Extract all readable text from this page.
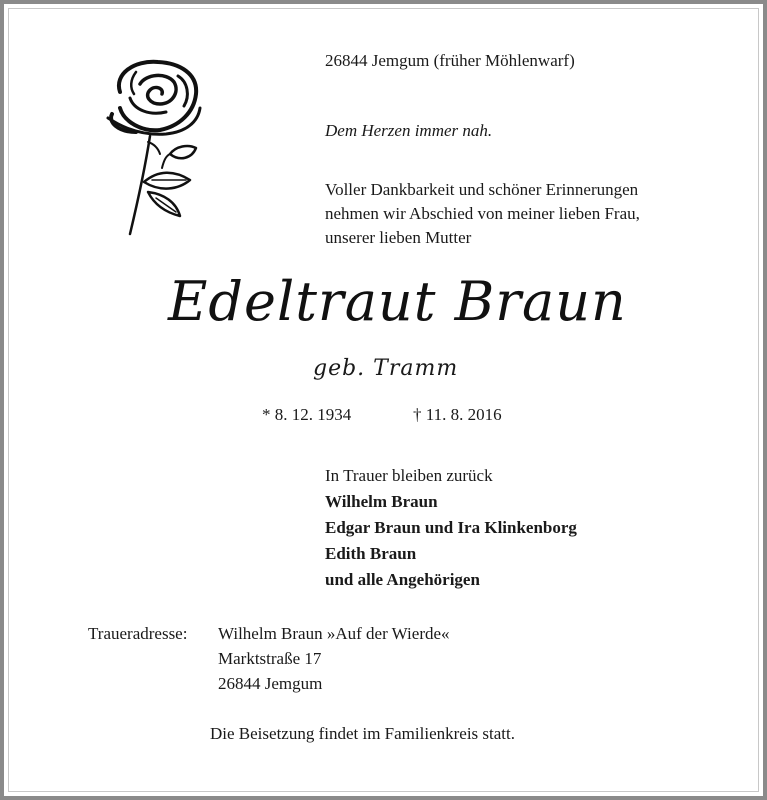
26844 Jemgum (früher Möhlenwarf)
Dem Herzen immer nah.
Voller Dankbarkeit und schöner Erinnerungen
nehmen wir Abschied von meiner lieben Frau,
unserer lieben Mutter
Edeltraut Braun
geb. Tramm
* 8. 12. 1934	† 11. 8. 2016
In Trauer bleiben zurück
Wilhelm Braun
Edgar Braun und Ira Klinkenborg
Edith Braun
und alle Angehörigen
Traueradresse: Wilhelm Braun »Auf der Wierde«
Marktstraße 17
26844 Jemgum
Die Beisetzung findet im Familienkreis statt.
